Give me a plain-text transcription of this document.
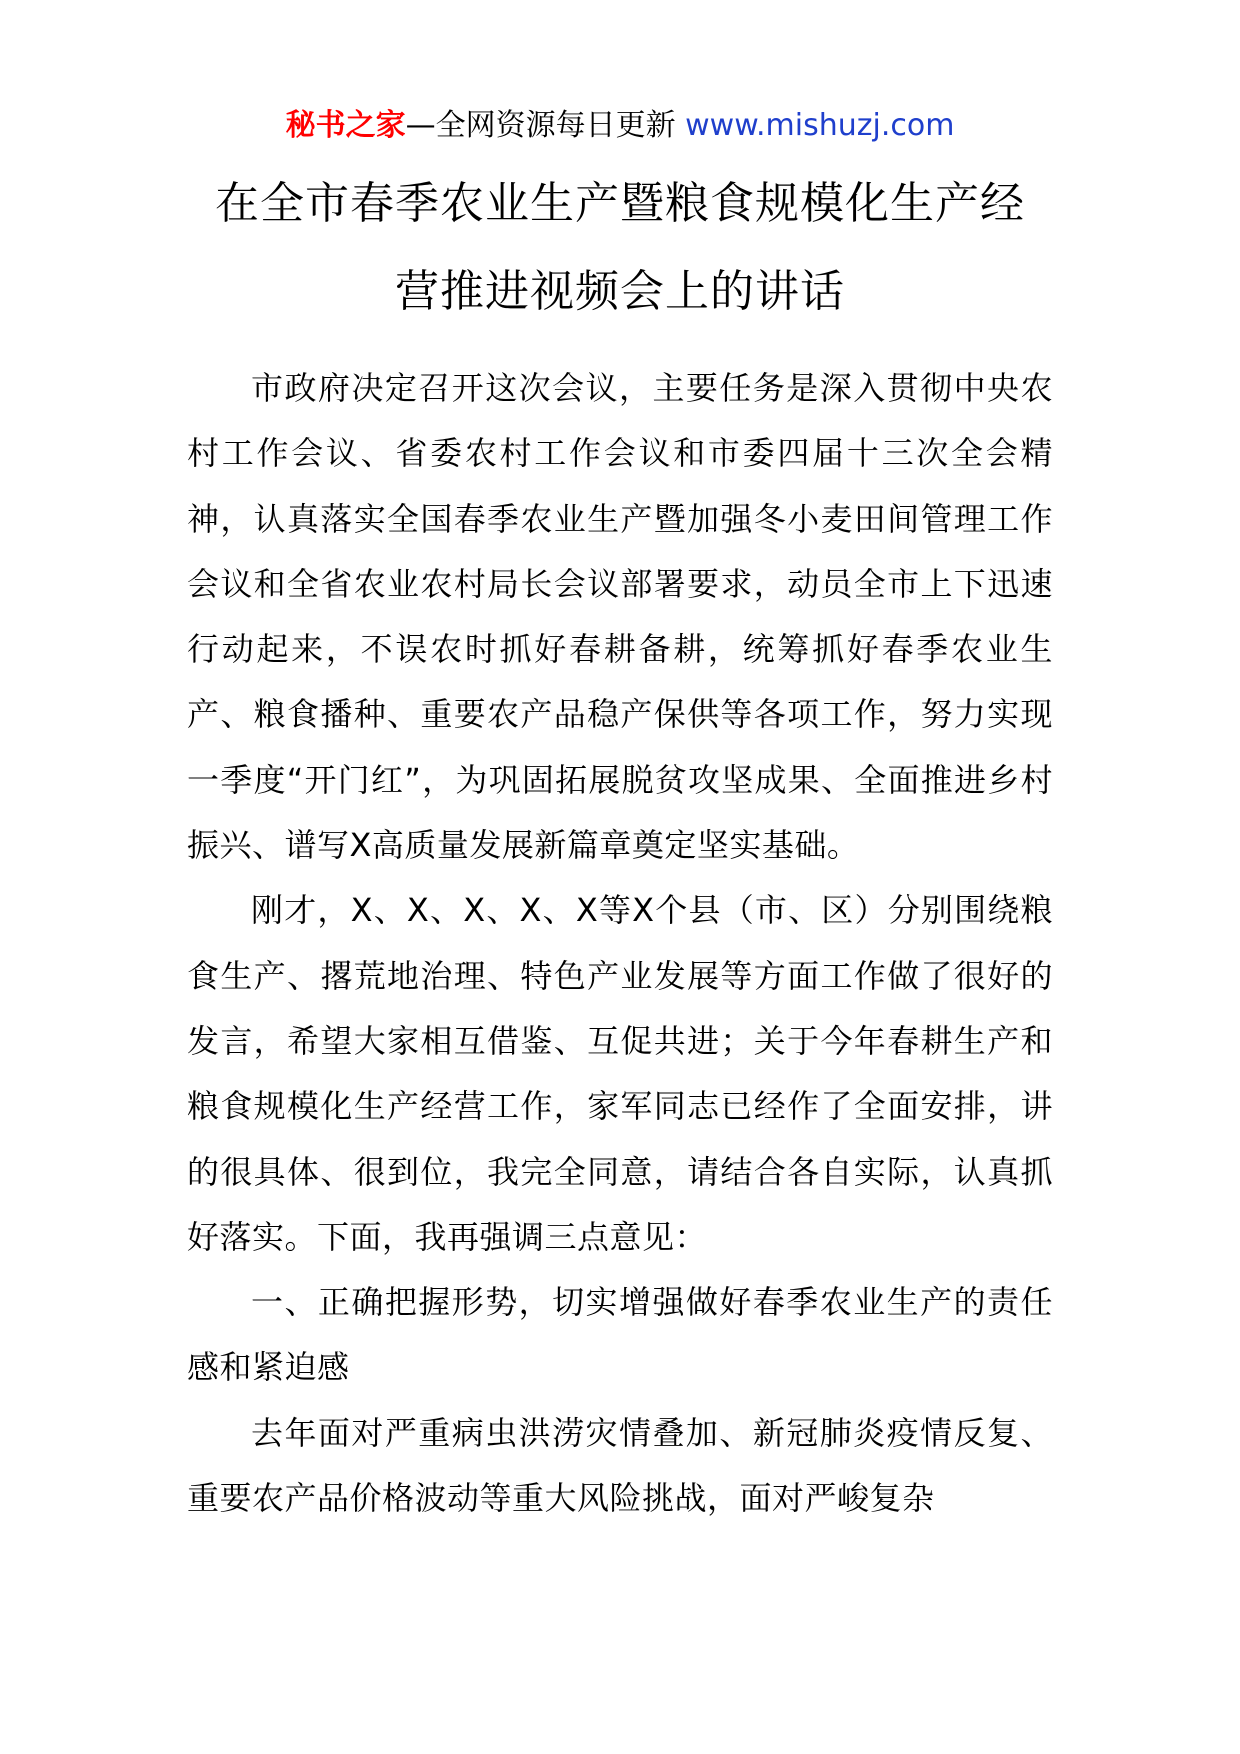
秘书之家—全网资源每日更新 www.mishuzj.com
在全市春季农业生产暨粮食规模化生产经
营推进视频会上的讲话

市政府决定召开这次会议，主要任务是深入贯彻中央农村工作会议、省委农村工作会议和市委四届十三次全会精神，认真落实全国春季农业生产暨加强冬小麦田间管理工作会议和全省农业农村局长会议部署要求，动员全市上下迅速行动起来，不误农时抓好春耕备耕，统筹抓好春季农业生产、粮食播种、重要农产品稳产保供等各项工作，努力实现一季度“开门红”，为巩固拓展脱贫攻坚成果、全面推进乡村振兴、谱写X高质量发展新篇章奠定坚实基础。

刚才，X、X、X、X、X等X个县（市、区）分别围绕粮食生产、撂荒地治理、特色产业发展等方面工作做了很好的发言，希望大家相互借鉴、互促共进；关于今年春耕生产和粮食规模化生产经营工作，家军同志已经作了全面安排，讲的很具体、很到位，我完全同意，请结合各自实际，认真抓好落实。下面，我再强调三点意见：

一、正确把握形势，切实增强做好春季农业生产的责任感和紧迫感

去年面对严重病虫洪涝灾情叠加、新冠肺炎疫情反复、重要农产品价格波动等重大风险挑战，面对严峻复杂
